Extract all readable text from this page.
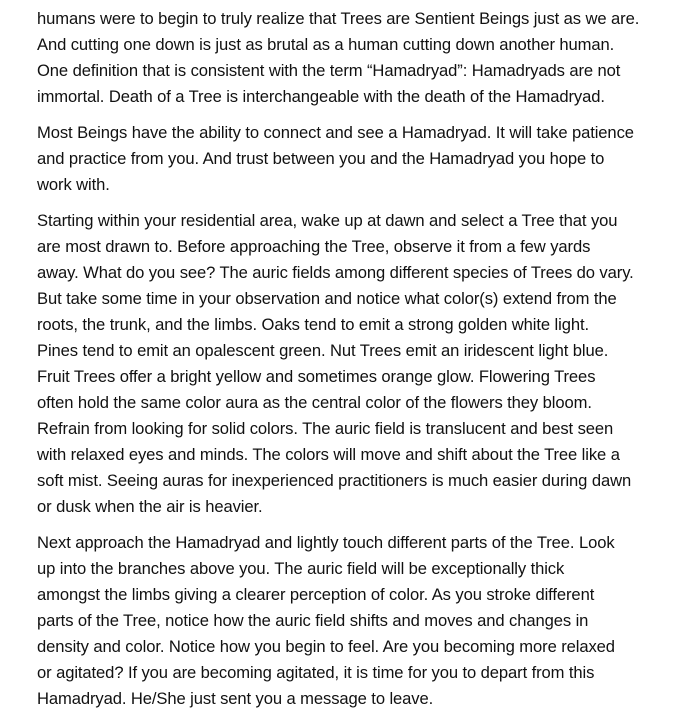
humans were to begin to truly realize that Trees are Sentient Beings just as we are.
And cutting one down is just as brutal as a human cutting down another human.
One definition that is consistent with the term “Hamadryad”: Hamadryads are not
immortal. Death of a Tree is interchangeable with the death of the Hamadryad.

Most Beings have the ability to connect and see a Hamadryad. It will take patience
and practice from you. And trust between you and the Hamadryad you hope to
work with.

Starting within your residential area, wake up at dawn and select a Tree that you
are most drawn to. Before approaching the Tree, observe it from a few yards
away. What do you see? The auric fields among different species of Trees do vary.
But take some time in your observation and notice what color(s) extend from the
roots, the trunk, and the limbs. Oaks tend to emit a strong golden white light.
Pines tend to emit an opalescent green. Nut Trees emit an iridescent light blue.
Fruit Trees offer a bright yellow and sometimes orange glow. Flowering Trees
often hold the same color aura as the central color of the flowers they bloom.
Refrain from looking for solid colors. The auric field is translucent and best seen
with relaxed eyes and minds. The colors will move and shift about the Tree like a
soft mist. Seeing auras for inexperienced practitioners is much easier during dawn
or dusk when the air is heavier.

Next approach the Hamadryad and lightly touch different parts of the Tree. Look
up into the branches above you. The auric field will be exceptionally thick
amongst the limbs giving a clearer perception of color. As you stroke different
parts of the Tree, notice how the auric field shifts and moves and changes in
density and color. Notice how you begin to feel. Are you becoming more relaxed
or agitated? If you are becoming agitated, it is time for you to depart from this
Hamadryad. He/She just sent you a message to leave.
